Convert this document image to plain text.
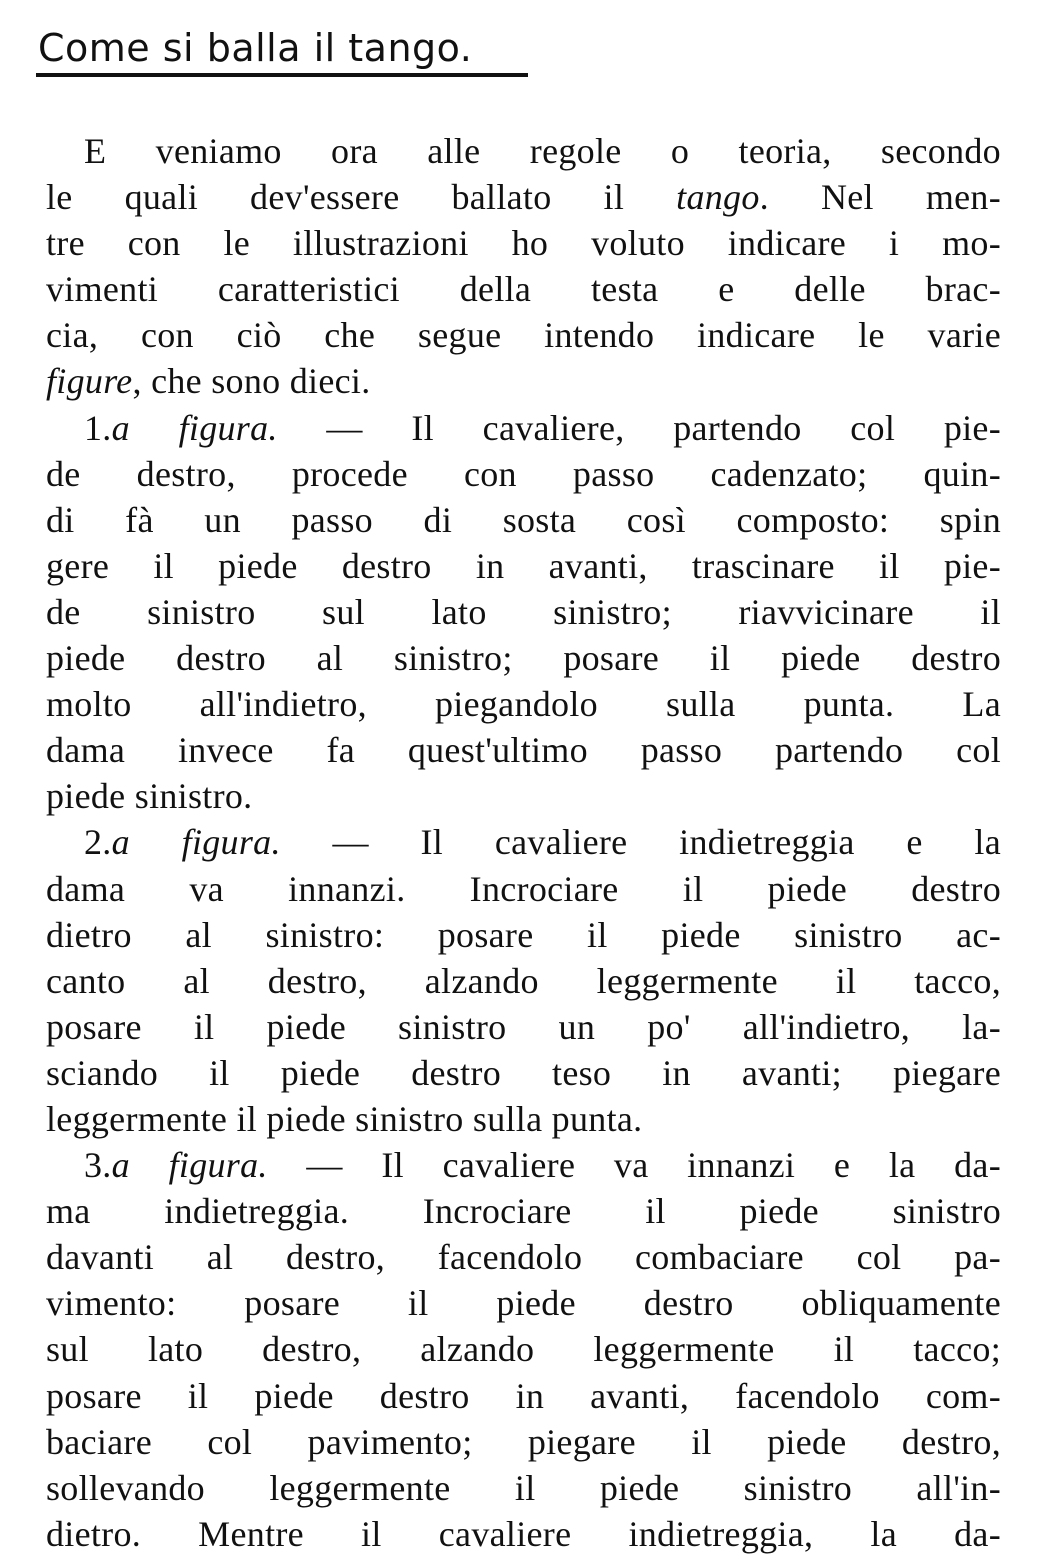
Come si balla il tango.
E veniamo ora alle regole o teoria, secondo
le quali dev'essere ballato il tango. Nel men-
tre con le illustrazioni ho voluto indicare i mo-
vimenti caratteristici della testa e delle brac-
cia, con ciò che segue intendo indicare le varie
figure, che sono dieci.
1.a figura. — Il cavaliere, partendo col pie-
de destro, procede con passo cadenzato; quin-
di fà un passo di sosta così composto: spin
gere il piede destro in avanti, trascinare il pie-
de sinistro sul lato sinistro; riavvicinare il
piede destro al sinistro; posare il piede destro
molto all'indietro, piegandolo sulla punta. La
dama invece fa quest'ultimo passo partendo col
piede sinistro.
2.a figura. — Il cavaliere indietreggia e la
dama va innanzi. Incrociare il piede destro
dietro al sinistro: posare il piede sinistro ac-
canto al destro, alzando leggermente il tacco,
posare il piede sinistro un po' all'indietro, la-
sciando il piede destro teso in avanti; piegare
leggermente il piede sinistro sulla punta.
3.a figura. — Il cavaliere va innanzi e la da-
ma indietreggia. Incrociare il piede sinistro
davanti al destro, facendolo combaciare col pa-
vimento: posare il piede destro obliquamente
sul lato destro, alzando leggermente il tacco;
posare il piede destro in avanti, facendolo com-
baciare col pavimento; piegare il piede destro,
sollevando leggermente il piede sinistro all'in-
dietro. Mentre il cavaliere indietreggia, la da-
